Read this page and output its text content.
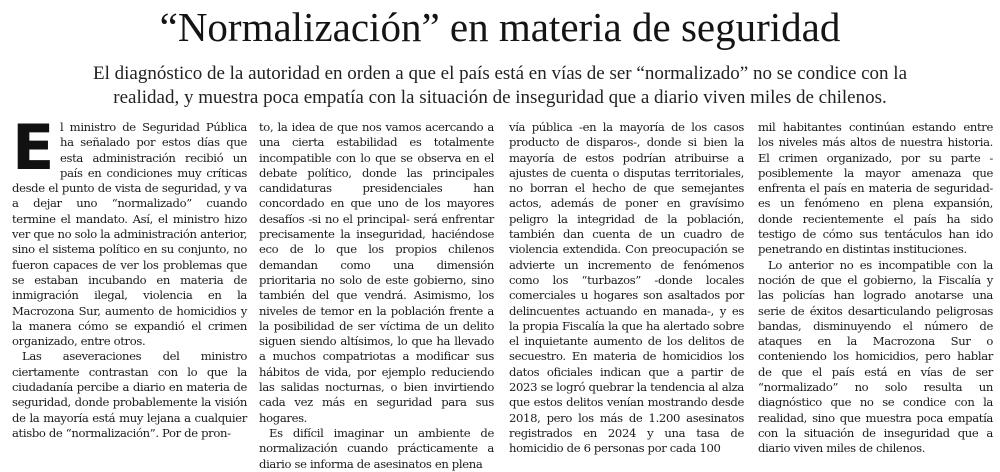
“Normalización” en materia de seguridad
El diagnóstico de la autoridad en orden a que el país está en vías de ser “normalizado” no se condice con la realidad, y muestra poca empatía con la situación de inseguridad que a diario viven miles de chilenos.
E l ministro de Seguridad Pública ha señalado por estos días que esta administración recibió un país en condiciones muy críticas desde el punto de vista de seguridad, y va a dejar uno “normalizado” cuando termine el mandato. Así, el ministro hizo ver que no solo la administración anterior, sino el sistema político en su conjunto, no fueron capaces de ver los problemas que se estaban incubando en materia de inmigración ilegal, violencia en la Macrozona Sur, aumento de homicidios y la manera cómo se expandió el crimen organizado, entre otros.

Las aseveraciones del ministro ciertamente contrastan con lo que la ciudadanía percibe a diario en materia de seguridad, donde probablemente la visión de la mayoría está muy lejana a cualquier atisbo de “normalización”. Por de pron-

to, la idea de que nos vamos acercando a una cierta estabilidad es totalmente incompatible con lo que se observa en el debate político, donde las principales candidaturas presidenciales han concordado en que uno de los mayores desafíos -si no el principal- será enfrentar precisamente la inseguridad, haciéndose eco de lo que los propios chilenos demandan como una dimensión prioritaria no solo de este gobierno, sino también del que vendrá. Asimismo, los niveles de temor en la población frente a la posibilidad de ser víctima de un delito siguen siendo altísimos, lo que ha llevado a muchos compatriotas a modificar sus hábitos de vida, por ejemplo reduciendo las salidas nocturnas, o bien invirtiendo cada vez más en seguridad para sus hogares.

Es difícil imaginar un ambiente de normalización cuando prácticamente a diario se informa de asesinatos en plena

vía pública -en la mayoría de los casos producto de disparos-, donde si bien la mayoría de estos podrían atribuirse a ajustes de cuenta o disputas territoriales, no borran el hecho de que semejantes actos, además de poner en gravísimo peligro la integridad de la población, también dan cuenta de un cuadro de violencia extendida. Con preocupación se advierte un incremento de fenómenos como los “turbazos” -donde locales comerciales u hogares son asaltados por delincuentes actuando en manada-, y es la propia Fiscalía la que ha alertado sobre el inquietante aumento de los delitos de secuestro. En materia de homicidios los datos oficiales indican que a partir de 2023 se logró quebrar la tendencia al alza que estos delitos venían mostrando desde 2018, pero los más de 1.200 asesinatos registrados en 2024 y una tasa de homicidio de 6 personas por cada 100

mil habitantes continúan estando entre los niveles más altos de nuestra historia. El crimen organizado, por su parte -posiblemente la mayor amenaza que enfrenta el país en materia de seguridad- es un fenómeno en plena expansión, donde recientemente el país ha sido testigo de cómo sus tentáculos han ido penetrando en distintas instituciones.

Lo anterior no es incompatible con la noción de que el gobierno, la Fiscalía y las policías han logrado anotarse una serie de éxitos desarticulando peligrosas bandas, disminuyendo el número de ataques en la Macrozona Sur o conteniendo los homicidios, pero hablar de que el país está en vías de ser “normalizado” no solo resulta un diagnóstico que no se condice con la realidad, sino que muestra poca empatía con la situación de inseguridad que a diario viven miles de chilenos.
